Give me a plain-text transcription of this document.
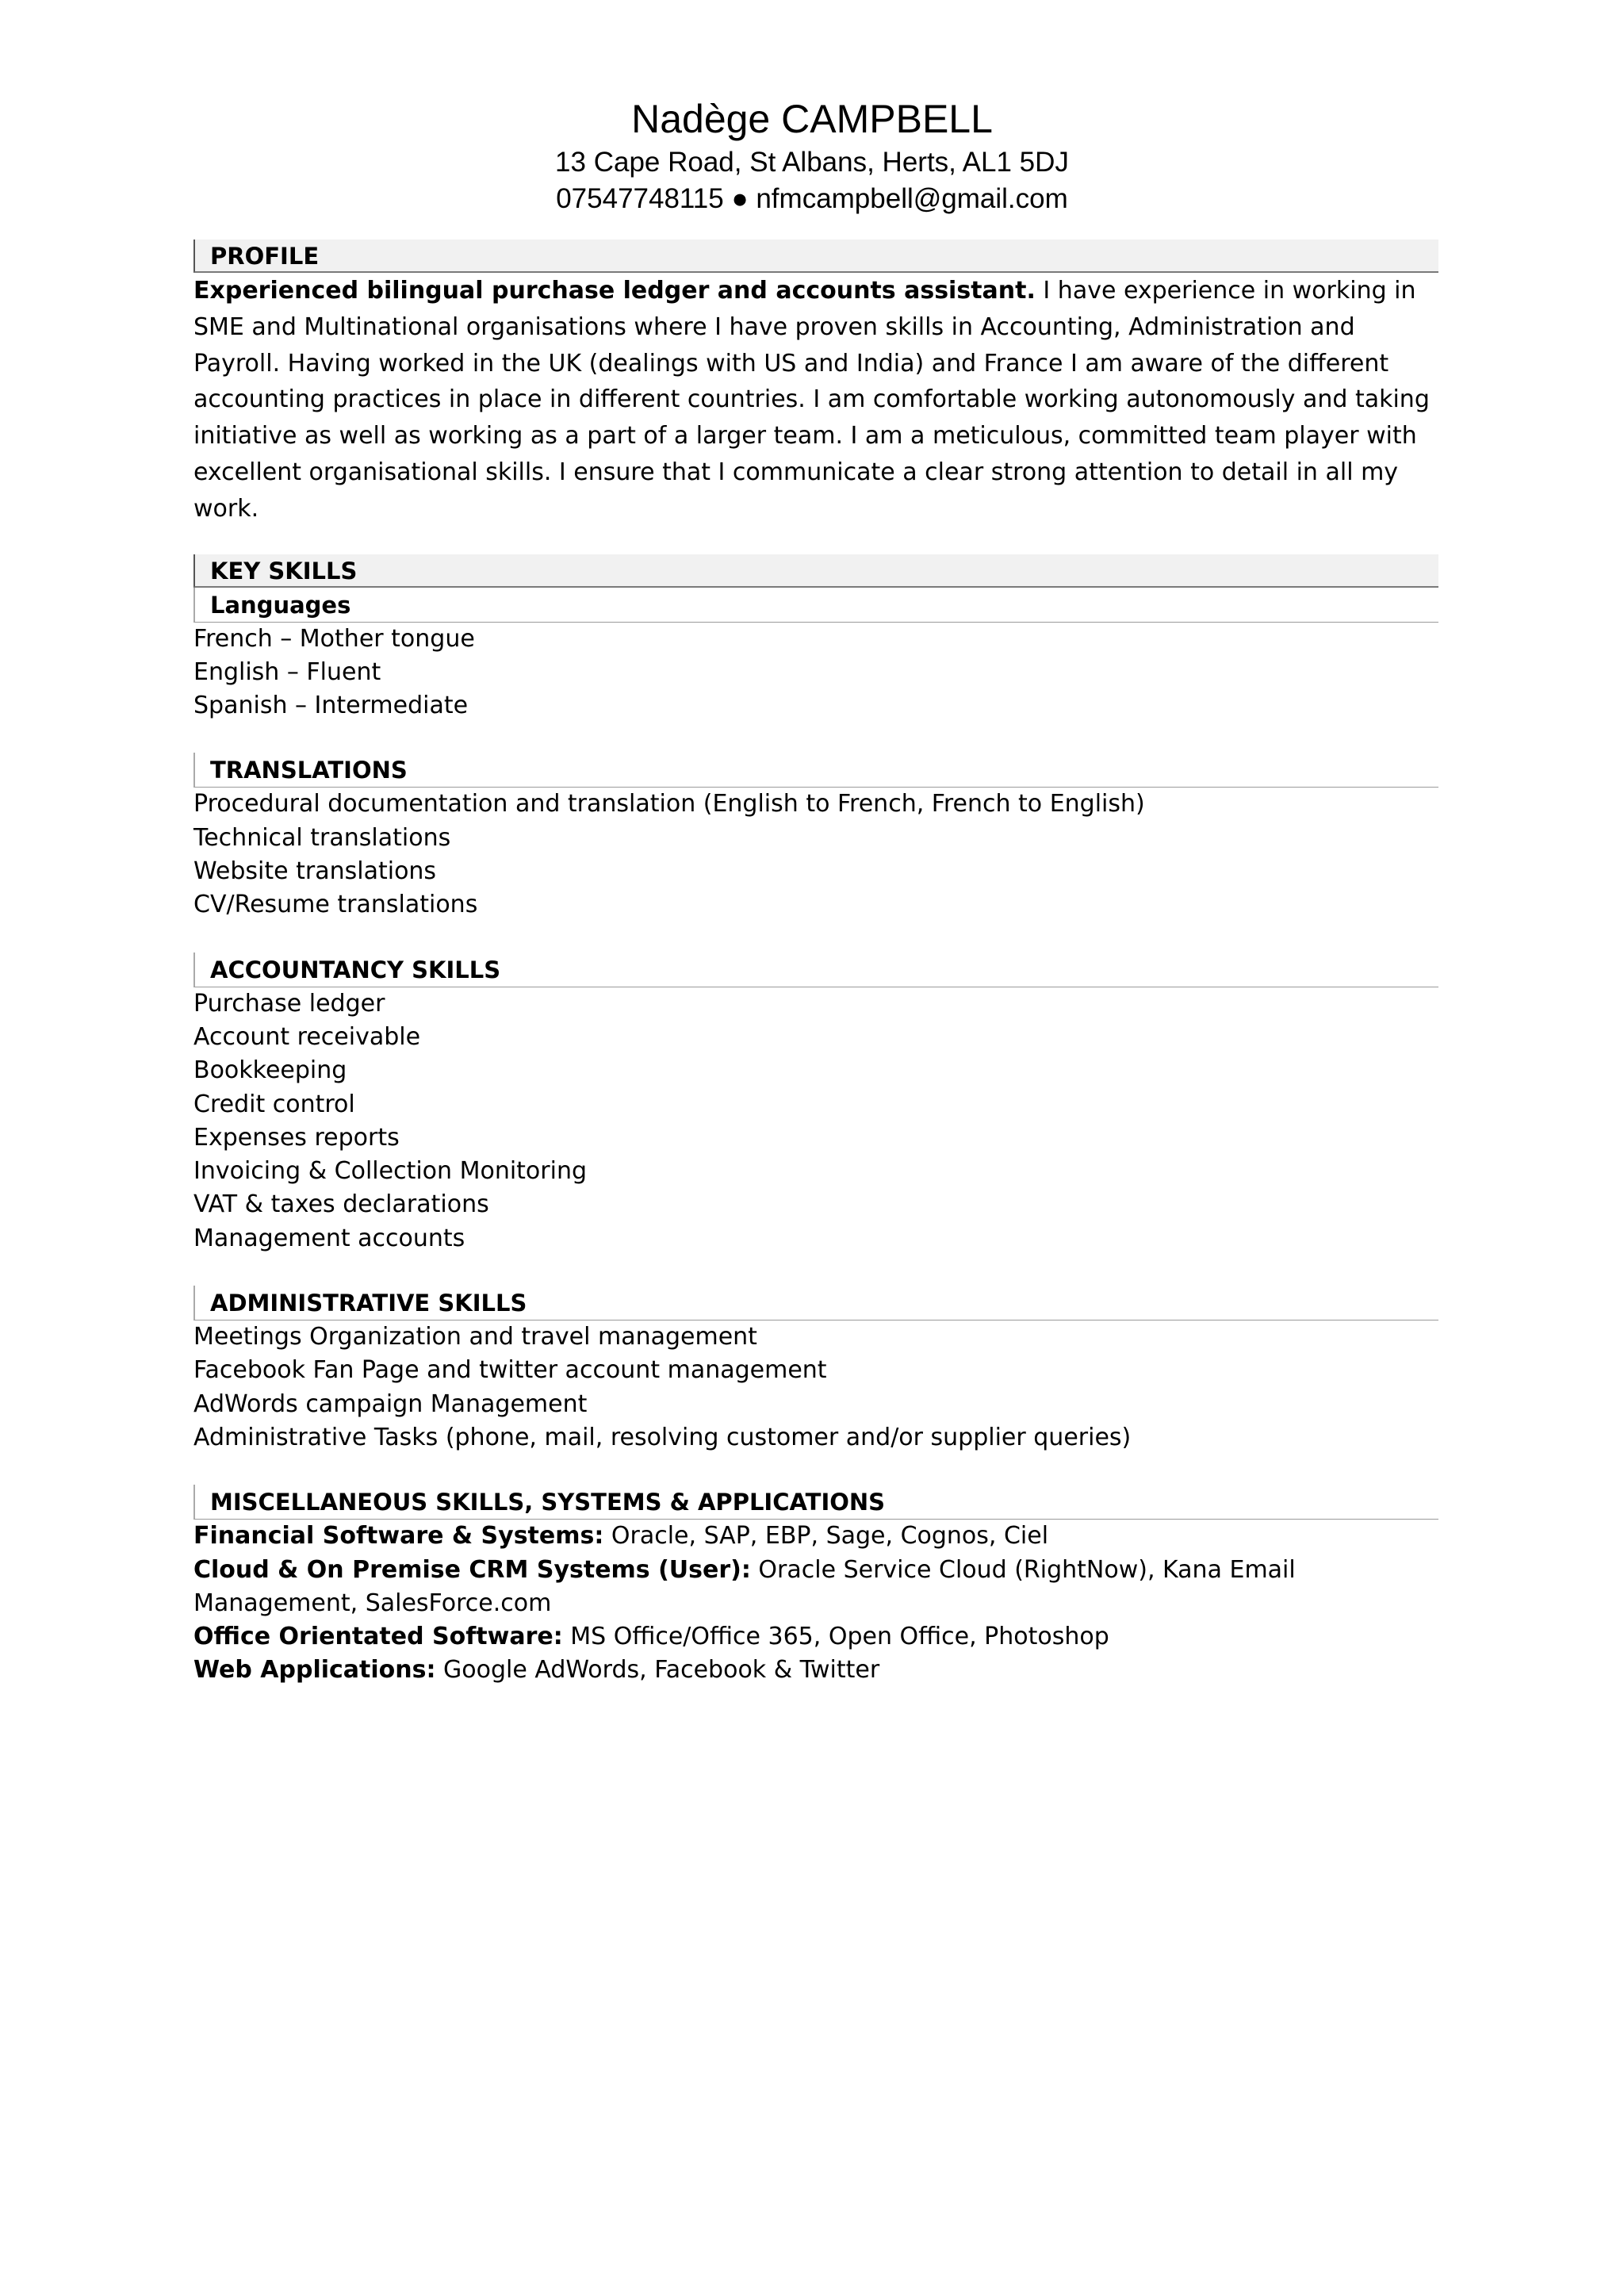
Nadège CAMPBELL
13 Cape Road, St Albans, Herts, AL1 5DJ
07547748115 ● nfmcampbell@gmail.com
PROFILE

Experienced bilingual purchase ledger and accounts assistant. I have experience in working in SME and Multinational organisations where I have proven skills in Accounting, Administration and Payroll. Having worked in the UK (dealings with US and India) and France I am aware of the different accounting practices in place in different countries. I am comfortable working autonomously and taking initiative as well as working as a part of a larger team. I am a meticulous, committed team player with excellent organisational skills. I ensure that I communicate a clear strong attention to detail in all my work.

KEY SKILLS
Languages
French – Mother tongue
English – Fluent
Spanish – Intermediate
TRANSLATIONS
Procedural documentation and translation (English to French, French to English)
Technical translations
Website translations
CV/Resume translations
ACCOUNTANCY SKILLS
Purchase ledger
Account receivable
Bookkeeping
Credit control
Expenses reports
Invoicing & Collection Monitoring
VAT & taxes declarations
Management accounts
ADMINISTRATIVE SKILLS
Meetings Organization and travel management
Facebook Fan Page and twitter account management
AdWords campaign Management
Administrative Tasks (phone, mail, resolving customer and/or supplier queries)
MISCELLANEOUS SKILLS, SYSTEMS & APPLICATIONS
Financial Software & Systems: Oracle, SAP, EBP, Sage, Cognos, Ciel
Cloud & On Premise CRM Systems (User): Oracle Service Cloud (RightNow), Kana Email Management, SalesForce.com
Office Orientated Software: MS Office/Office 365, Open Office, Photoshop
Web Applications: Google AdWords, Facebook & Twitter
